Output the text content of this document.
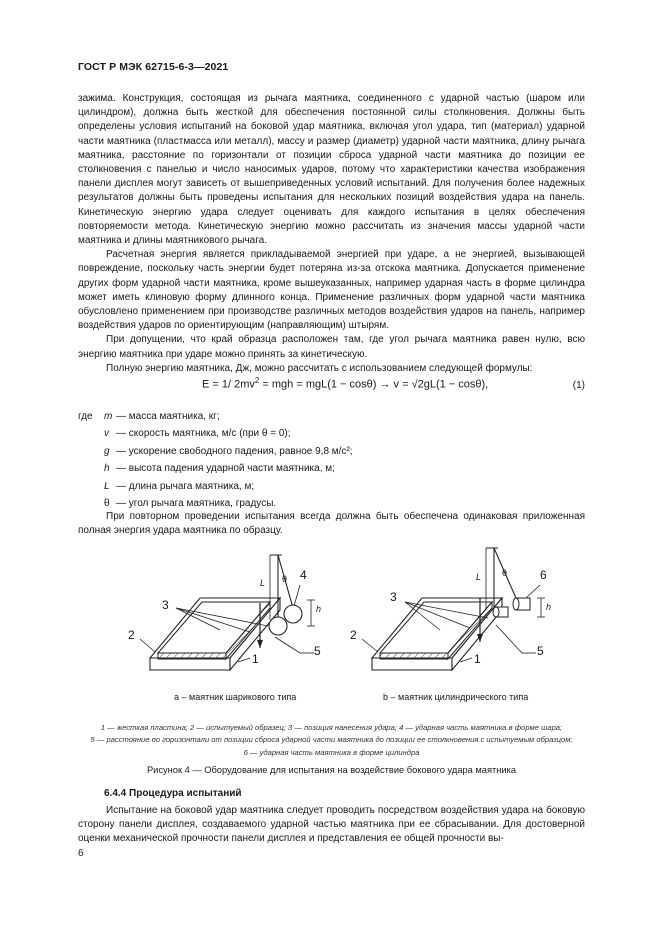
ГОСТ Р МЭК 62715-6-3—2021

зажима. Конструкция, состоящая из рычага маятника, соединенного с ударной частью (шаром или цилиндром), должна быть жесткой для обеспечения постоянной силы столкновения. Должны быть определены условия испытаний на боковой удар маятника, включая угол удара, тип (материал) ударной части маятника (пластмасса или металл), массу и размер (диаметр) ударной части маятника, длину рычага маятника, расстояние по горизонтали от позиции сброса ударной части маятника до позиции ее столкновения с панелью и число наносимых ударов, потому что характеристики качества изображения панели дисплея могут зависеть от вышеприведенных условий испытаний. Для получения более надежных результатов должны быть проведены испытания для нескольких позиций воздействия удара на панель. Кинетическую энергию удара следует оценивать для каждого испытания в целях обеспечения повторяемости метода. Кинетическую энергию можно рассчитать из значения массы ударной части маятника и длины маятникового рычага.

Расчетная энергия является прикладываемой энергией при ударе, а не энергией, вызывающей повреждение, поскольку часть энергии будет потеряна из-за отскока маятника. Допускается применение других форм ударной части маятника, кроме вышеуказанных, например ударная часть в форме цилиндра может иметь клиновую форму длинного конца. Применение различных форм ударной части маятника обусловлено применением при производстве различных методов воздействия ударов на панель, например воздействия ударов по ориентирующим (направляющим) штырям.

При допущении, что край образца расположен там, где угол рычага маятника равен нулю, всю энергию маятника при ударе можно принять за кинетическую.

Полную энергию маятника, Дж, можно рассчитать с использованием следующей формулы:

E = 1/ $2mv^2$ = mgh = mgL(1 − cosθ) → v = √2gL(1 − cosθ),	(1)
где m — масса маятника, кг;
v — скорость маятника, м/с (при θ = 0);
g — ускорение свободного падения, равное 9,8 м/с²;
h — высота падения ударной части маятника, м;
L — длина рычага маятника, м;
θ — угол рычага маятника, градусы.
При повторном проведении испытания всегда должна быть обеспечена одинаковая приложенная полная энергия удара маятника по образцу.
3
2
1
5
4
L θ
h
3
2
1
5
6
L θ
h
a – маятник шарикового типа	b – маятник цилиндрического типа
1 — жесткая пластина; 2 — испытуемый образец; 3 — позиция нанесения удара; 4 — ударная часть маятника в форме шара;
5 — расстояние по горизонтали от позиции сброса ударной части маятника до позиции ее столкновения с испытуемым образцом;
6 — ударная часть маятника в форме цилиндра
Рисунок 4 — Оборудование для испытания на воздействие бокового удара маятника
6.4.4 Процедура испытаний
Испытание на боковой удар маятника следует проводить посредством воздействия удара на боковую сторону панели дисплея, создаваемого ударной частью маятника при ее сбрасывании. Для достоверной оценки механической прочности панели дисплея и представления ее общей прочности вы-
6
